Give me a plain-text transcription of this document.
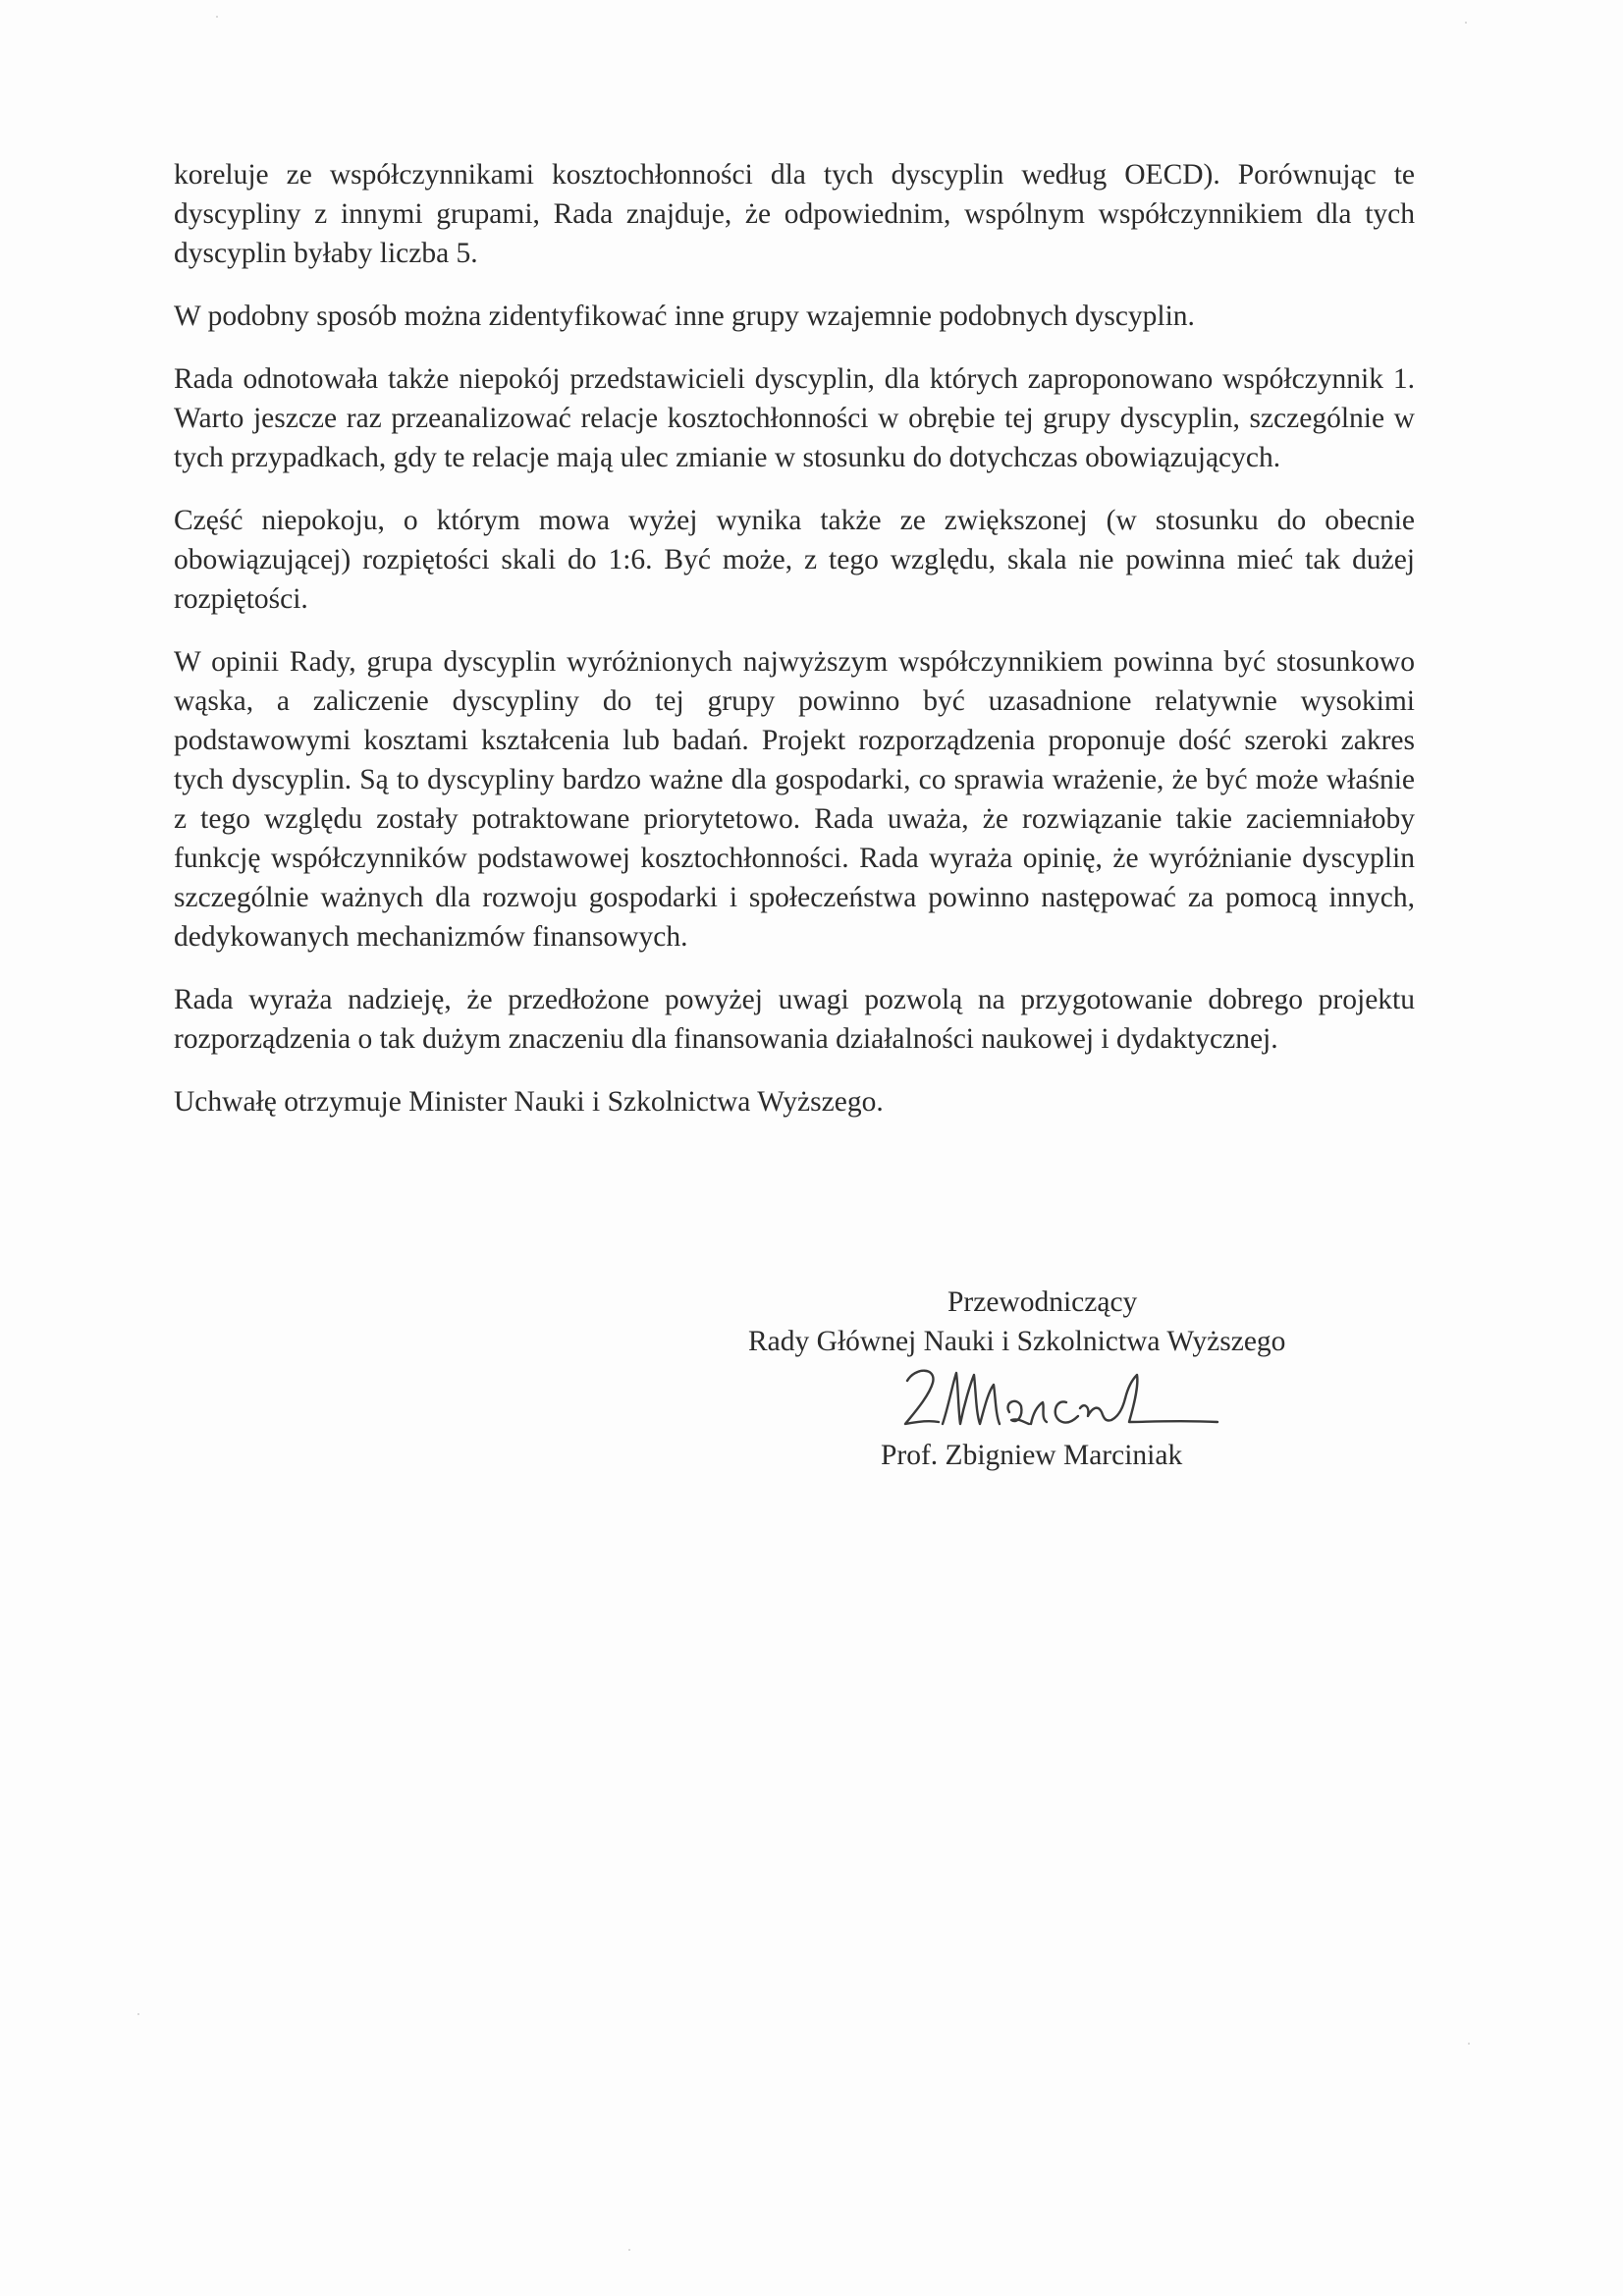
koreluje ze współczynnikami kosztochłonności dla tych dyscyplin według OECD). Porównując te dyscypliny z innymi grupami, Rada znajduje, że odpowiednim, wspólnym współczynnikiem dla tych dyscyplin byłaby liczba 5.

W podobny sposób można zidentyfikować inne grupy wzajemnie podobnych dyscyplin.

Rada odnotowała także niepokój przedstawicieli dyscyplin, dla których zaproponowano współczynnik 1. Warto jeszcze raz przeanalizować relacje kosztochłonności w obrębie tej grupy dyscyplin, szczególnie w tych przypadkach, gdy te relacje mają ulec zmianie w stosunku do dotychczas obowiązujących.

Część niepokoju, o którym mowa wyżej wynika także ze zwiększonej (w stosunku do obecnie obowiązującej) rozpiętości skali do 1:6. Być może, z tego względu, skala nie powinna mieć tak dużej rozpiętości.

W opinii Rady, grupa dyscyplin wyróżnionych najwyższym współczynnikiem powinna być stosunkowo wąska, a zaliczenie dyscypliny do tej grupy powinno być uzasadnione relatywnie wysokimi podstawowymi kosztami kształcenia lub badań. Projekt rozporządzenia proponuje dość szeroki zakres tych dyscyplin. Są to dyscypliny bardzo ważne dla gospodarki, co sprawia wrażenie, że być może właśnie z tego względu zostały potraktowane priorytetowo. Rada uważa, że rozwiązanie takie zaciemniałoby funkcję współczynników podstawowej kosztochłonności. Rada wyraża opinię, że wyróżnianie dyscyplin szczególnie ważnych dla rozwoju gospodarki i społeczeństwa powinno następować za pomocą innych, dedykowanych mechanizmów finansowych.

Rada wyraża nadzieję, że przedłożone powyżej uwagi pozwolą na przygotowanie dobrego projektu rozporządzenia o tak dużym znaczeniu dla finansowania działalności naukowej i dydaktycznej.

Uchwałę otrzymuje Minister Nauki i Szkolnictwa Wyższego.

Przewodniczący
Rady Głównej Nauki i Szkolnictwa Wyższego
Prof. Zbigniew Marciniak
